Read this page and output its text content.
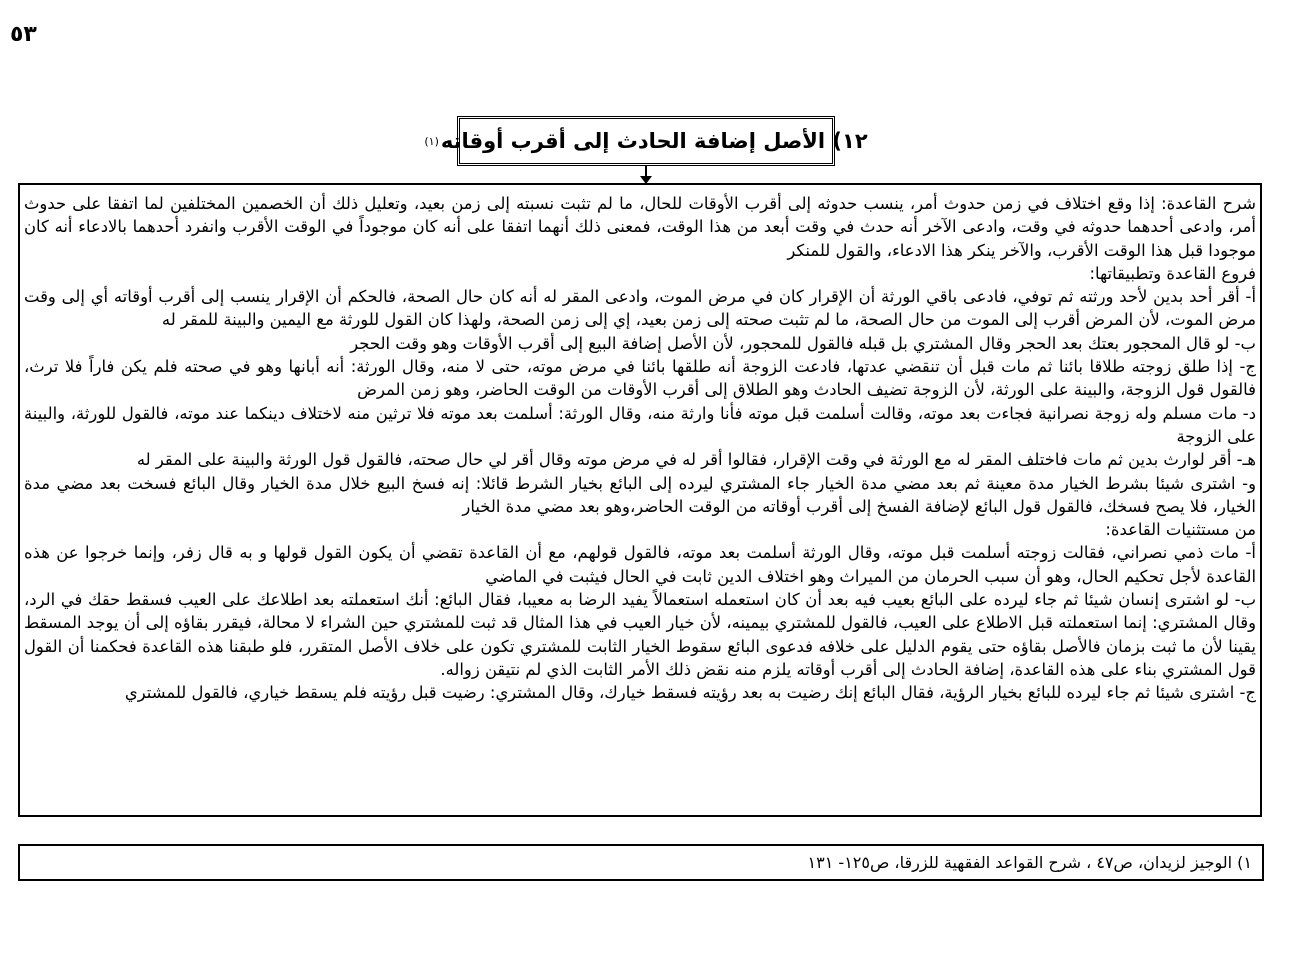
٥٣
١٢) الأصل إضافة الحادث إلى أقرب أوقاته
(١)

شرح القاعدة: إذا وقع اختلاف في زمن حدوث أمر، ينسب حدوثه إلى أقرب الأوقات للحال، ما لم تثبت نسبته إلى زمن بعيد، وتعليل ذلك أن الخصمين المختلفين لما اتفقا على حدوث أمر، وادعى أحدهما حدوثه في وقت، وادعى الآخر أنه حدث في وقت أبعد من هذا الوقت، فمعنى ذلك أنهما اتفقا على أنه كان موجوداً في الوقت الأقرب وانفرد أحدهما بالادعاء أنه كان موجودا قبل هذا الوقت الأقرب، والآخر ينكر هذا الادعاء، والقول للمنكر

فروع القاعدة وتطبيقاتها:

أ- أقر أحد بدين لأحد ورثته ثم توفي، فادعى باقي الورثة أن الإقرار كان في مرض الموت، وادعى المقر له أنه كان حال الصحة، فالحكم أن الإقرار ينسب إلى أقرب أوقاته أي إلى وقت مرض الموت، لأن المرض أقرب إلى الموت من حال الصحة، ما لم تثبت صحته إلى زمن بعيد، إي إلى زمن الصحة، ولهذا كان القول للورثة مع اليمين والبينة للمقر له

ب- لو قال المحجور بعتك بعد الحجر وقال المشتري بل قبله فالقول للمحجور، لأن الأصل إضافة البيع إلى أقرب الأوقات وهو وقت الحجر

ج- إذا طلق زوجته طلاقا بائنا ثم مات قبل أن تنقضي عدتها، فادعت الزوجة أنه طلقها بائنا في مرض موته، حتى لا منه، وقال الورثة: أنه أبانها وهو في صحته فلم يكن فاراً فلا ترث، فالقول قول الزوجة، والبينة على الورثة، لأن الزوجة تضيف الحادث وهو الطلاق إلى أقرب الأوقات من الوقت الحاضر، وهو زمن المرض

د- مات مسلم وله زوجة نصرانية فجاءت بعد موته، وقالت أسلمت قبل موته فأنا وارثة منه، وقال الورثة: أسلمت بعد موته فلا ترثين منه لاختلاف دينكما عند موته، فالقول للورثة، والبينة على الزوجة

هـ- أقر لوارث بدين ثم مات فاختلف المقر له مع الورثة في وقت الإقرار، فقالوا أقر له في مرض موته وقال أقر لي حال صحته، فالقول قول الورثة والبينة على المقر له

و- اشترى شيئا بشرط الخيار مدة معينة ثم بعد مضي مدة الخيار جاء المشتري ليرده إلى البائع بخيار الشرط قائلا: إنه فسخ البيع خلال مدة الخيار وقال البائع فسخت بعد مضي مدة الخيار، فلا يصح فسخك، فالقول قول البائع لإضافة الفسخ إلى أقرب أوقاته من الوقت الحاضر،وهو بعد مضي مدة الخيار

من مستثنيات القاعدة:

أ- مات ذمي نصراني، فقالت زوجته أسلمت قبل موته، وقال الورثة أسلمت بعد موته، فالقول قولهم، مع أن القاعدة تقضي أن يكون القول قولها و به قال زفر، وإنما خرجوا عن هذه القاعدة لأجل تحكيم الحال، وهو أن سبب الحرمان من الميراث وهو اختلاف الدين ثابت في الحال فيثبت في الماضي

ب- لو اشترى إنسان شيئا ثم جاء ليرده على البائع بعيب فيه بعد أن كان استعمله استعمالاً يفيد الرضا به معيبا، فقال البائع: أنك استعملته بعد اطلاعك على العيب فسقط حقك في الرد، وقال المشتري: إنما استعملته قبل الاطلاع على العيب، فالقول للمشتري بيمينه، لأن خيار العيب في هذا المثال قد ثبت للمشتري حين الشراء لا محالة، فيقرر بقاؤه إلى أن يوجد المسقط يقينا لأن ما ثبت بزمان فالأصل بقاؤه حتى يقوم الدليل على خلافه فدعوى البائع سقوط الخيار الثابت للمشتري تكون على خلاف الأصل المتقرر، فلو طبقنا هذه القاعدة فحكمنا أن القول قول المشتري بناء على هذه القاعدة، إضافة الحادث إلى أقرب أوقاته يلزم منه نقض ذلك الأمر الثابت الذي لم نتيقن زواله.

ج- اشترى شيئا ثم جاء ليرده للبائع بخيار الرؤية، فقال البائع إنك رضيت به بعد رؤيته فسقط خيارك، وقال المشتري: رضيت قبل رؤيته فلم يسقط خياري، فالقول للمشتري

١) الوجيز لزيدان، ص٤٧ ، شرح القواعد الفقهية للزرقا، ص١٢٥- ١٣١
